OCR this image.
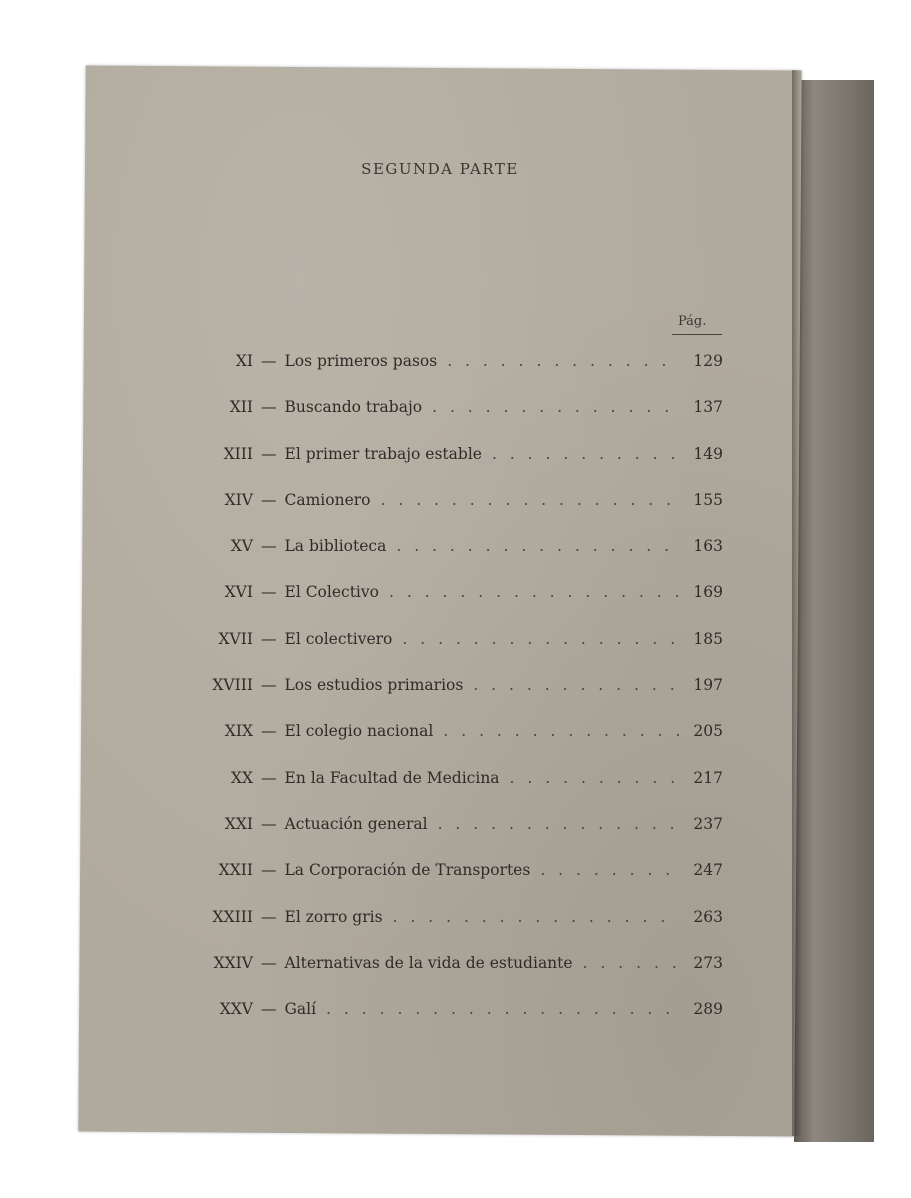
SEGUNDA PARTE
Pág.
XI — Los primeros pasos . . .	129
XII — Buscando trabajo . . .	137
XIII — El primer trabajo estable . . .	149
XIV — Camionero . . .	155
XV — La biblioteca . . .	163
XVI — El Colectivo . . .	169
XVII — El colectivero . . .	185
XVIII — Los estudios primarios . . .	197
XIX — El colegio nacional . . .	205
XX — En la Facultad de Medicina . . .	217
XXI — Actuación general . . .	237
XXII — La Corporación de Transportes . . .	247
XXIII — El zorro gris . . .	263
XXIV — Alternativas de la vida de estudiante . . .	273
XXV — Galí . . .	289
